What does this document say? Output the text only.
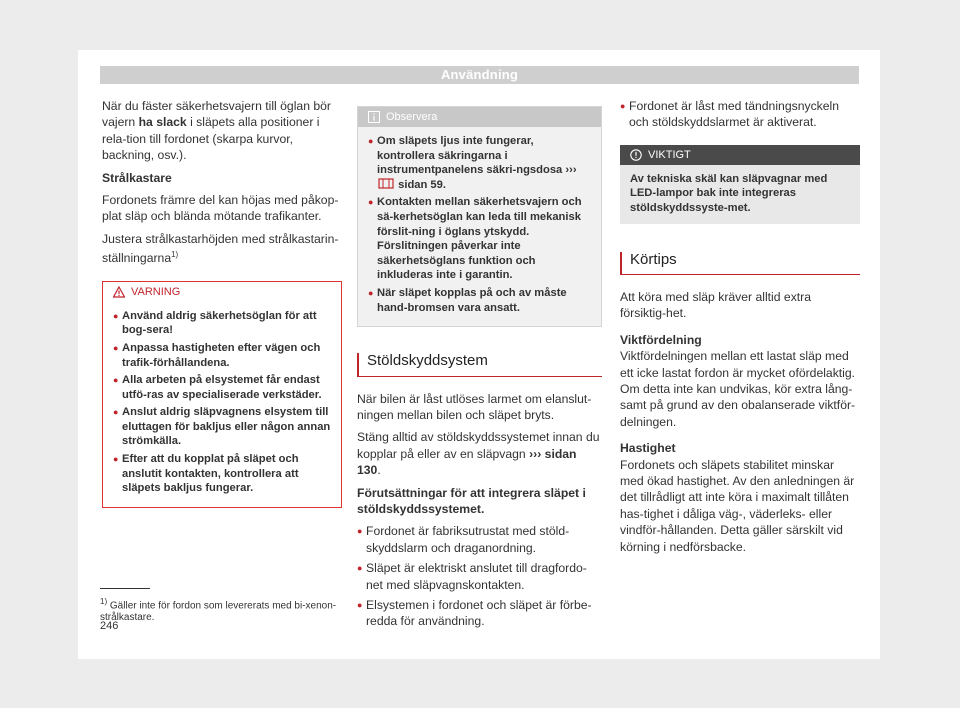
Användning

När du fäster säkerhetsvajern till öglan bör vajern ha slack i släpets alla positioner i rela-tion till fordonet (skarpa kurvor, backning, osv.).

Strålkastare

Fordonets främre del kan höjas med påkop-plat släp och blända mötande trafikanter.

Justera strålkastarhöjden med strålkastarin-ställningarna$^{1)}$

VARNING
● Använd aldrig säkerhetsöglan för att bog-sera!
● Anpassa hastigheten efter vägen och trafik-förhållandena.
● Alla arbeten på elsystemet får endast utfö-ras av specialiserade verkstäder.
● Anslut aldrig släpvagnens elsystem till eluttagen för bakljus eller någon annan strömkälla.
● Efter att du kopplat på släpet och anslutit kontakten, kontrollera att släpets bakljus fungerar.
Observera
● Om släpets ljus inte fungerar, kontrollera säkringarna i instrumentpanelens säkri-ngsdosa ›››  sidan 59.
● Kontakten mellan säkerhetsvajern och sä-kerhetsöglan kan leda till mekanisk förslit-ning i öglans ytskydd. Förslitningen påverkar inte säkerhetsöglans funktion och inkluderas inte i garantin.
● När släpet kopplas på och av måste hand-bromsen vara ansatt.
Stöldskyddsystem

När bilen är låst utlöses larmet om elanslut-ningen mellan bilen och släpet bryts.

Stäng alltid av stöldskyddssystemet innan du kopplar på eller av en släpvagn ››› sidan 130.

Förutsättningar för att integrera släpet i stöldskyddssystemet.

● Fordonet är fabriksutrustat med stöld-skyddslarm och draganordning.
● Släpet är elektriskt anslutet till dragfordo-net med släpvagnskontakten.
● Elsystemen i fordonet och släpet är förbe-redda för användning.
● Fordonet är låst med tändningsnyckeln och stöldskyddslarmet är aktiverat.
VIKTIGT
Av tekniska skäl kan släpvagnar med LED-lampor bak inte integreras stöldskyddssyste-met.
Körtips

Att köra med släp kräver alltid extra försiktig-het.

Viktfördelning

Viktfördelningen mellan ett lastat släp med ett icke lastat fordon är mycket ofördelaktig. Om detta inte kan undvikas, kör extra lång-samt på grund av den obalanserade viktför-delningen.

Hastighet

Fordonets och släpets stabilitet minskar med ökad hastighet. Av den anledningen är det tillrådligt att inte köra i maximalt tillåten has-tighet i dåliga väg-, väderleks- eller vindför-hållanden. Detta gäller särskilt vid körning i nedförsbacke.

$^{1)}$ Gäller inte för fordon som levererats med bi-xenon-strålkastare.
246
